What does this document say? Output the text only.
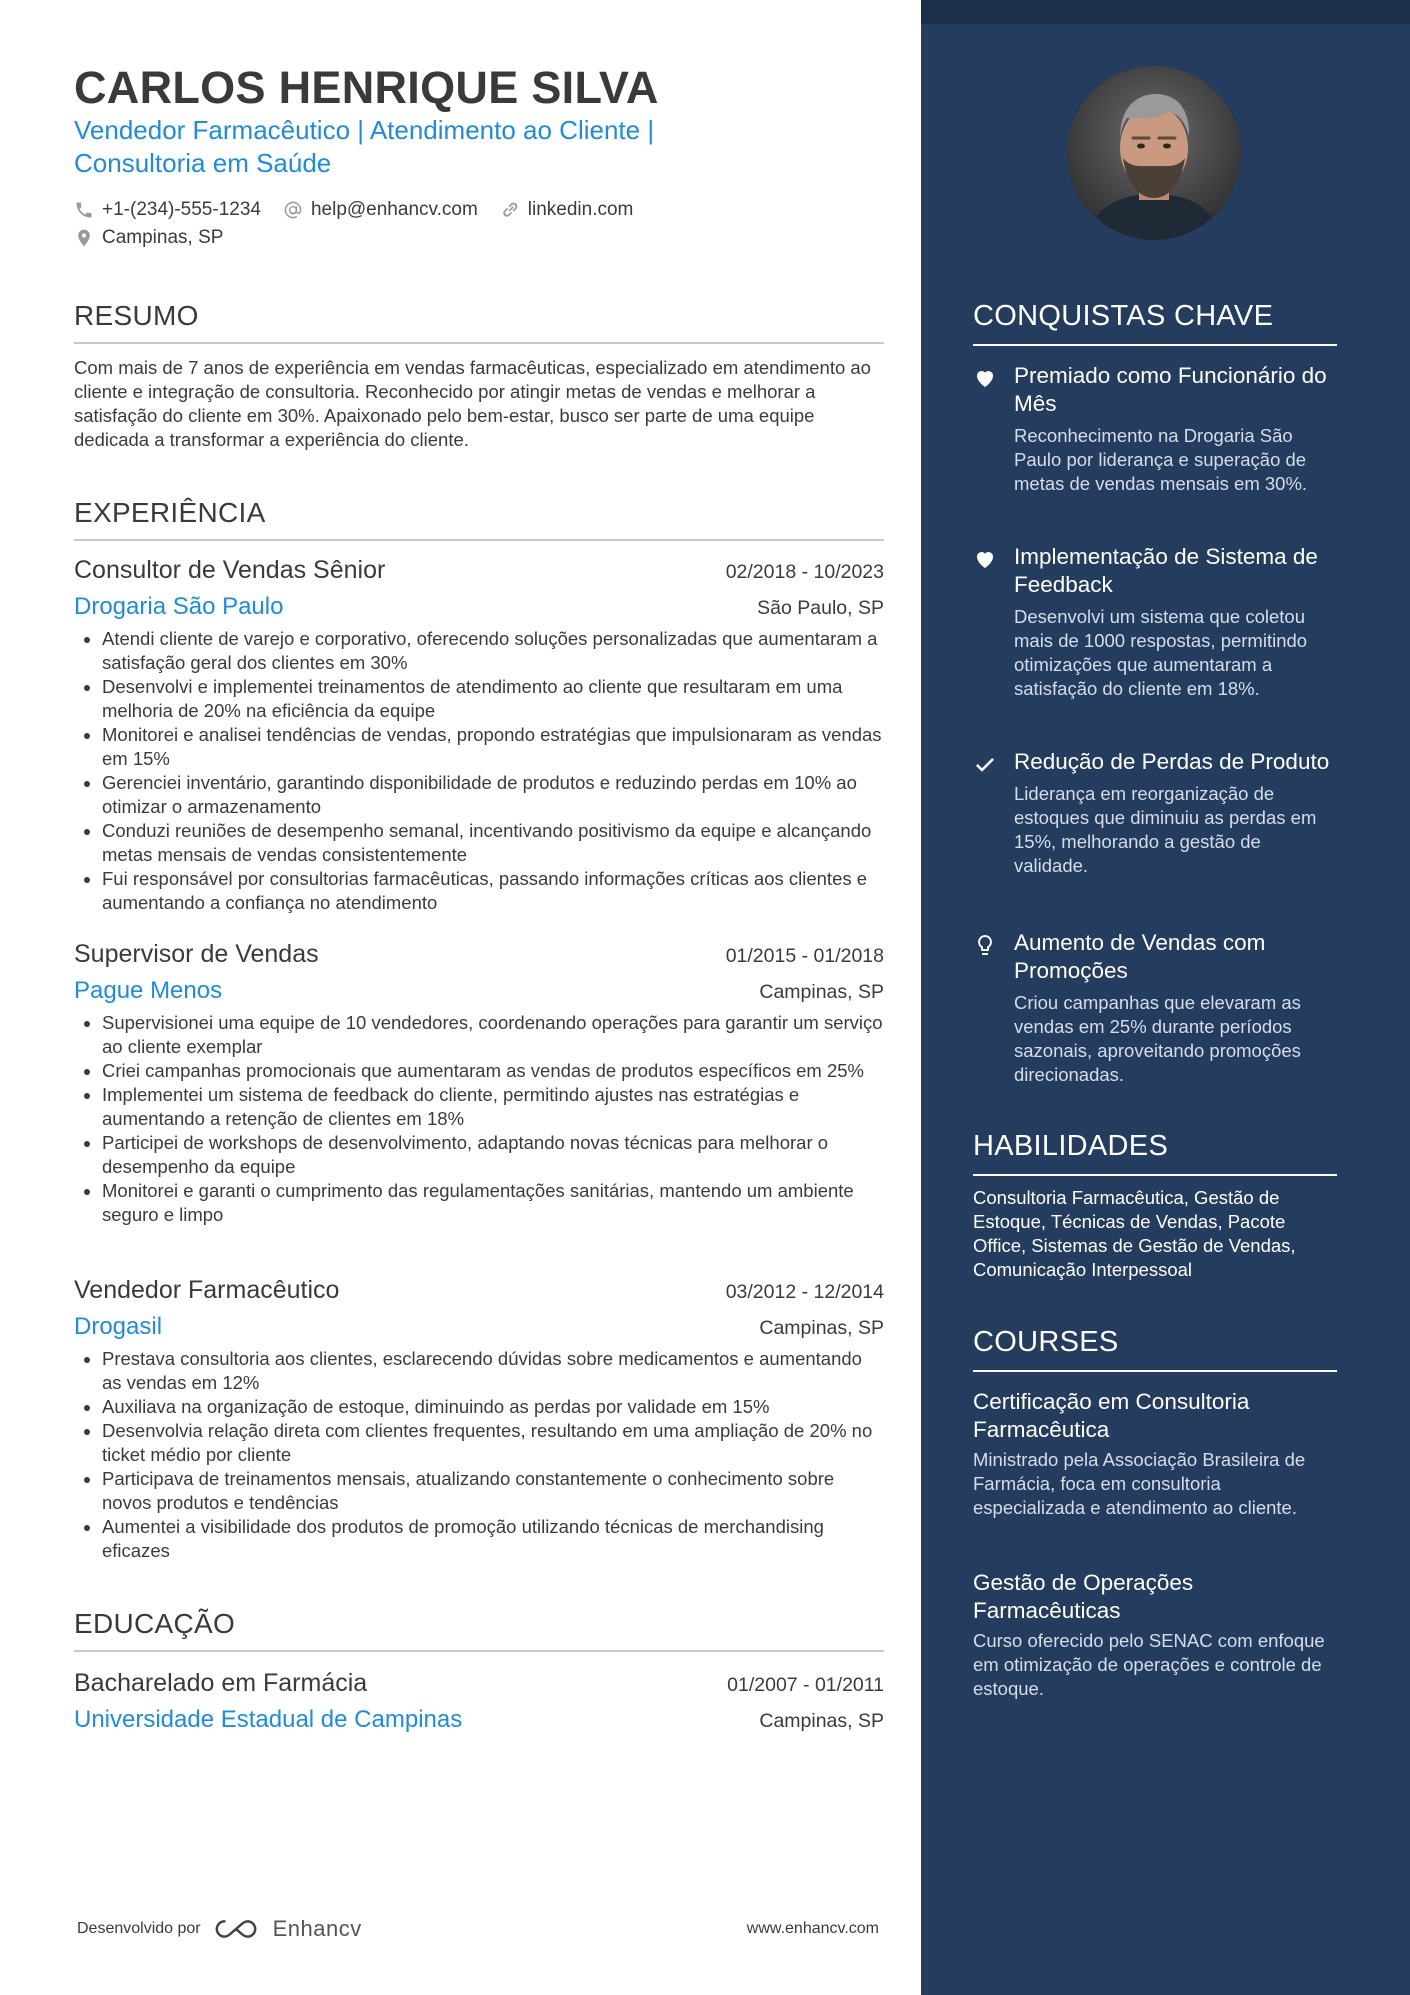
CARLOS HENRIQUE SILVA
Vendedor Farmacêutico | Atendimento ao Cliente | Consultoria em Saúde
+1-(234)-555-1234	help@enhancv.com	linkedin.com
Campinas, SP
RESUMO
Com mais de 7 anos de experiência em vendas farmacêuticas, especializado em atendimento ao cliente e integração de consultoria. Reconhecido por atingir metas de vendas e melhorar a satisfação do cliente em 30%. Apaixonado pelo bem-estar, busco ser parte de uma equipe dedicada a transformar a experiência do cliente.
EXPERIÊNCIA
Consultor de Vendas Sênior	02/2018 - 10/2023
Drogaria São Paulo	São Paulo, SP
Atendi cliente de varejo e corporativo, oferecendo soluções personalizadas que aumentaram a satisfação geral dos clientes em 30%
Desenvolvi e implementei treinamentos de atendimento ao cliente que resultaram em uma melhoria de 20% na eficiência da equipe
Monitorei e analisei tendências de vendas, propondo estratégias que impulsionaram as vendas em 15%
Gerenciei inventário, garantindo disponibilidade de produtos e reduzindo perdas em 10% ao otimizar o armazenamento
Conduzi reuniões de desempenho semanal, incentivando positivismo da equipe e alcançando metas mensais de vendas consistentemente
Fui responsável por consultorias farmacêuticas, passando informações críticas aos clientes e aumentando a confiança no atendimento
Supervisor de Vendas	01/2015 - 01/2018
Pague Menos	Campinas, SP
Supervisionei uma equipe de 10 vendedores, coordenando operações para garantir um serviço ao cliente exemplar
Criei campanhas promocionais que aumentaram as vendas de produtos específicos em 25%
Implementei um sistema de feedback do cliente, permitindo ajustes nas estratégias e aumentando a retenção de clientes em 18%
Participei de workshops de desenvolvimento, adaptando novas técnicas para melhorar o desempenho da equipe
Monitorei e garanti o cumprimento das regulamentações sanitárias, mantendo um ambiente seguro e limpo
Vendedor Farmacêutico	03/2012 - 12/2014
Drogasil	Campinas, SP
Prestava consultoria aos clientes, esclarecendo dúvidas sobre medicamentos e aumentando as vendas em 12%
Auxiliava na organização de estoque, diminuindo as perdas por validade em 15%
Desenvolvia relação direta com clientes frequentes, resultando em uma ampliação de 20% no ticket médio por cliente
Participava de treinamentos mensais, atualizando constantemente o conhecimento sobre novos produtos e tendências
Aumentei a visibilidade dos produtos de promoção utilizando técnicas de merchandising eficazes
EDUCAÇÃO
Bacharelado em Farmácia	01/2007 - 01/2011
Universidade Estadual de Campinas	Campinas, SP
Desenvolvido por	Enhancv	www.enhancv.com
CONQUISTAS CHAVE
Premiado como Funcionário do Mês
Reconhecimento na Drogaria São Paulo por liderança e superação de metas de vendas mensais em 30%.
Implementação de Sistema de Feedback
Desenvolvi um sistema que coletou mais de 1000 respostas, permitindo otimizações que aumentaram a satisfação do cliente em 18%.
Redução de Perdas de Produto
Liderança em reorganização de estoques que diminuiu as perdas em 15%, melhorando a gestão de validade.
Aumento de Vendas com Promoções
Criou campanhas que elevaram as vendas em 25% durante períodos sazonais, aproveitando promoções direcionadas.
HABILIDADES
Consultoria Farmacêutica, Gestão de Estoque, Técnicas de Vendas, Pacote Office, Sistemas de Gestão de Vendas, Comunicação Interpessoal
COURSES
Certificação em Consultoria Farmacêutica
Ministrado pela Associação Brasileira de Farmácia, foca em consultoria especializada e atendimento ao cliente.
Gestão de Operações Farmacêuticas
Curso oferecido pelo SENAC com enfoque em otimização de operações e controle de estoque.
